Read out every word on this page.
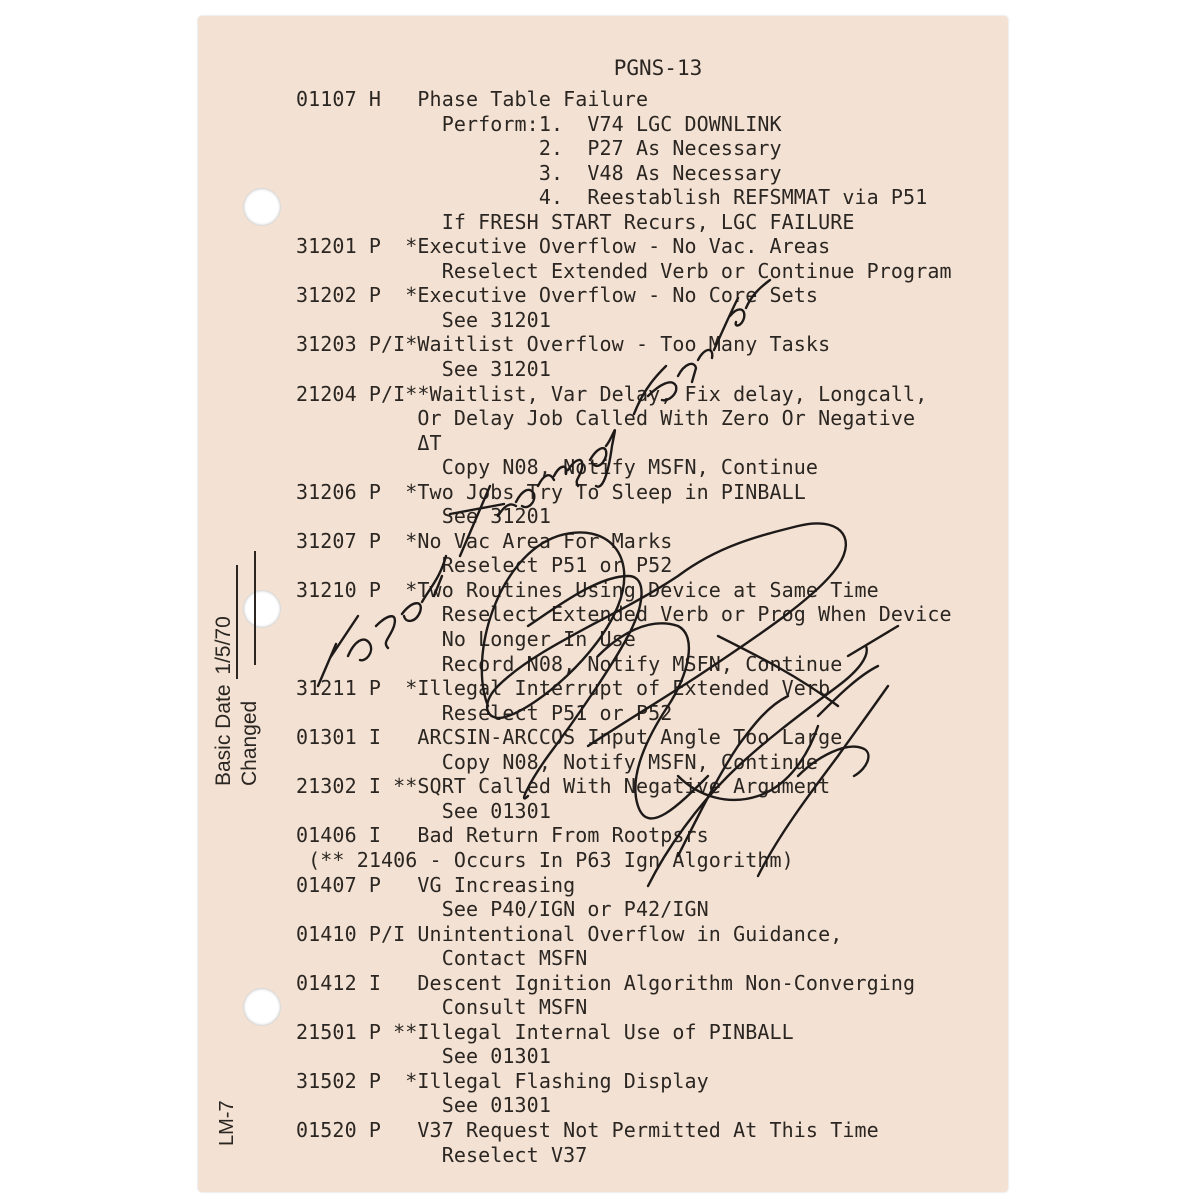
PGNS-13
01107 H   Phase Table Failure
Perform:1.  V74 LGC DOWNLINK
2.  P27 As Necessary
3.  V48 As Necessary
4.  Reestablish REFSMMAT via P51
If FRESH START Recurs, LGC FAILURE
31201 P  *Executive Overflow - No Vac. Areas
Reselect Extended Verb or Continue Program
31202 P  *Executive Overflow - No Core Sets
See 31201
31203 P/I*Waitlist Overflow - Too Many Tasks
See 31201
21204 P/I**Waitlist, Var Delay, Fix delay, Longcall,
Or Delay Job Called With Zero Or Negative
ΔT
Copy N08, Notify MSFN, Continue
31206 P  *Two Jobs Try To Sleep in PINBALL
See 31201
31207 P  *No Vac Area For Marks
Reselect P51 or P52
31210 P  *Two Routines Using Device at Same Time
Reselect Extended Verb or Prog When Device
No Longer In Use
Record N08, Notify MSFN, Continue
31211 P  *Illegal Interrupt of Extended Verb
Reselect P51 or P52
01301 I   ARCSIN-ARCCOS Input Angle Too Large
Copy N08, Notify MSFN, Continue
21302 I **SQRT Called With Negative Argument
See 01301
01406 I   Bad Return From Rootpsrs
(** 21406 - Occurs In P63 Ign Algorithm)
01407 P   VG Increasing
See P40/IGN or P42/IGN
01410 P/I Unintentional Overflow in Guidance,
Contact MSFN
01412 I   Descent Ignition Algorithm Non-Converging
Consult MSFN
21501 P **Illegal Internal Use of PINBALL
See 01301
31502 P  *Illegal Flashing Display
See 01301
01520 P   V37 Request Not Permitted At This Time
Reselect V37
Basic Date 1/5/70
Changed
LM-7
